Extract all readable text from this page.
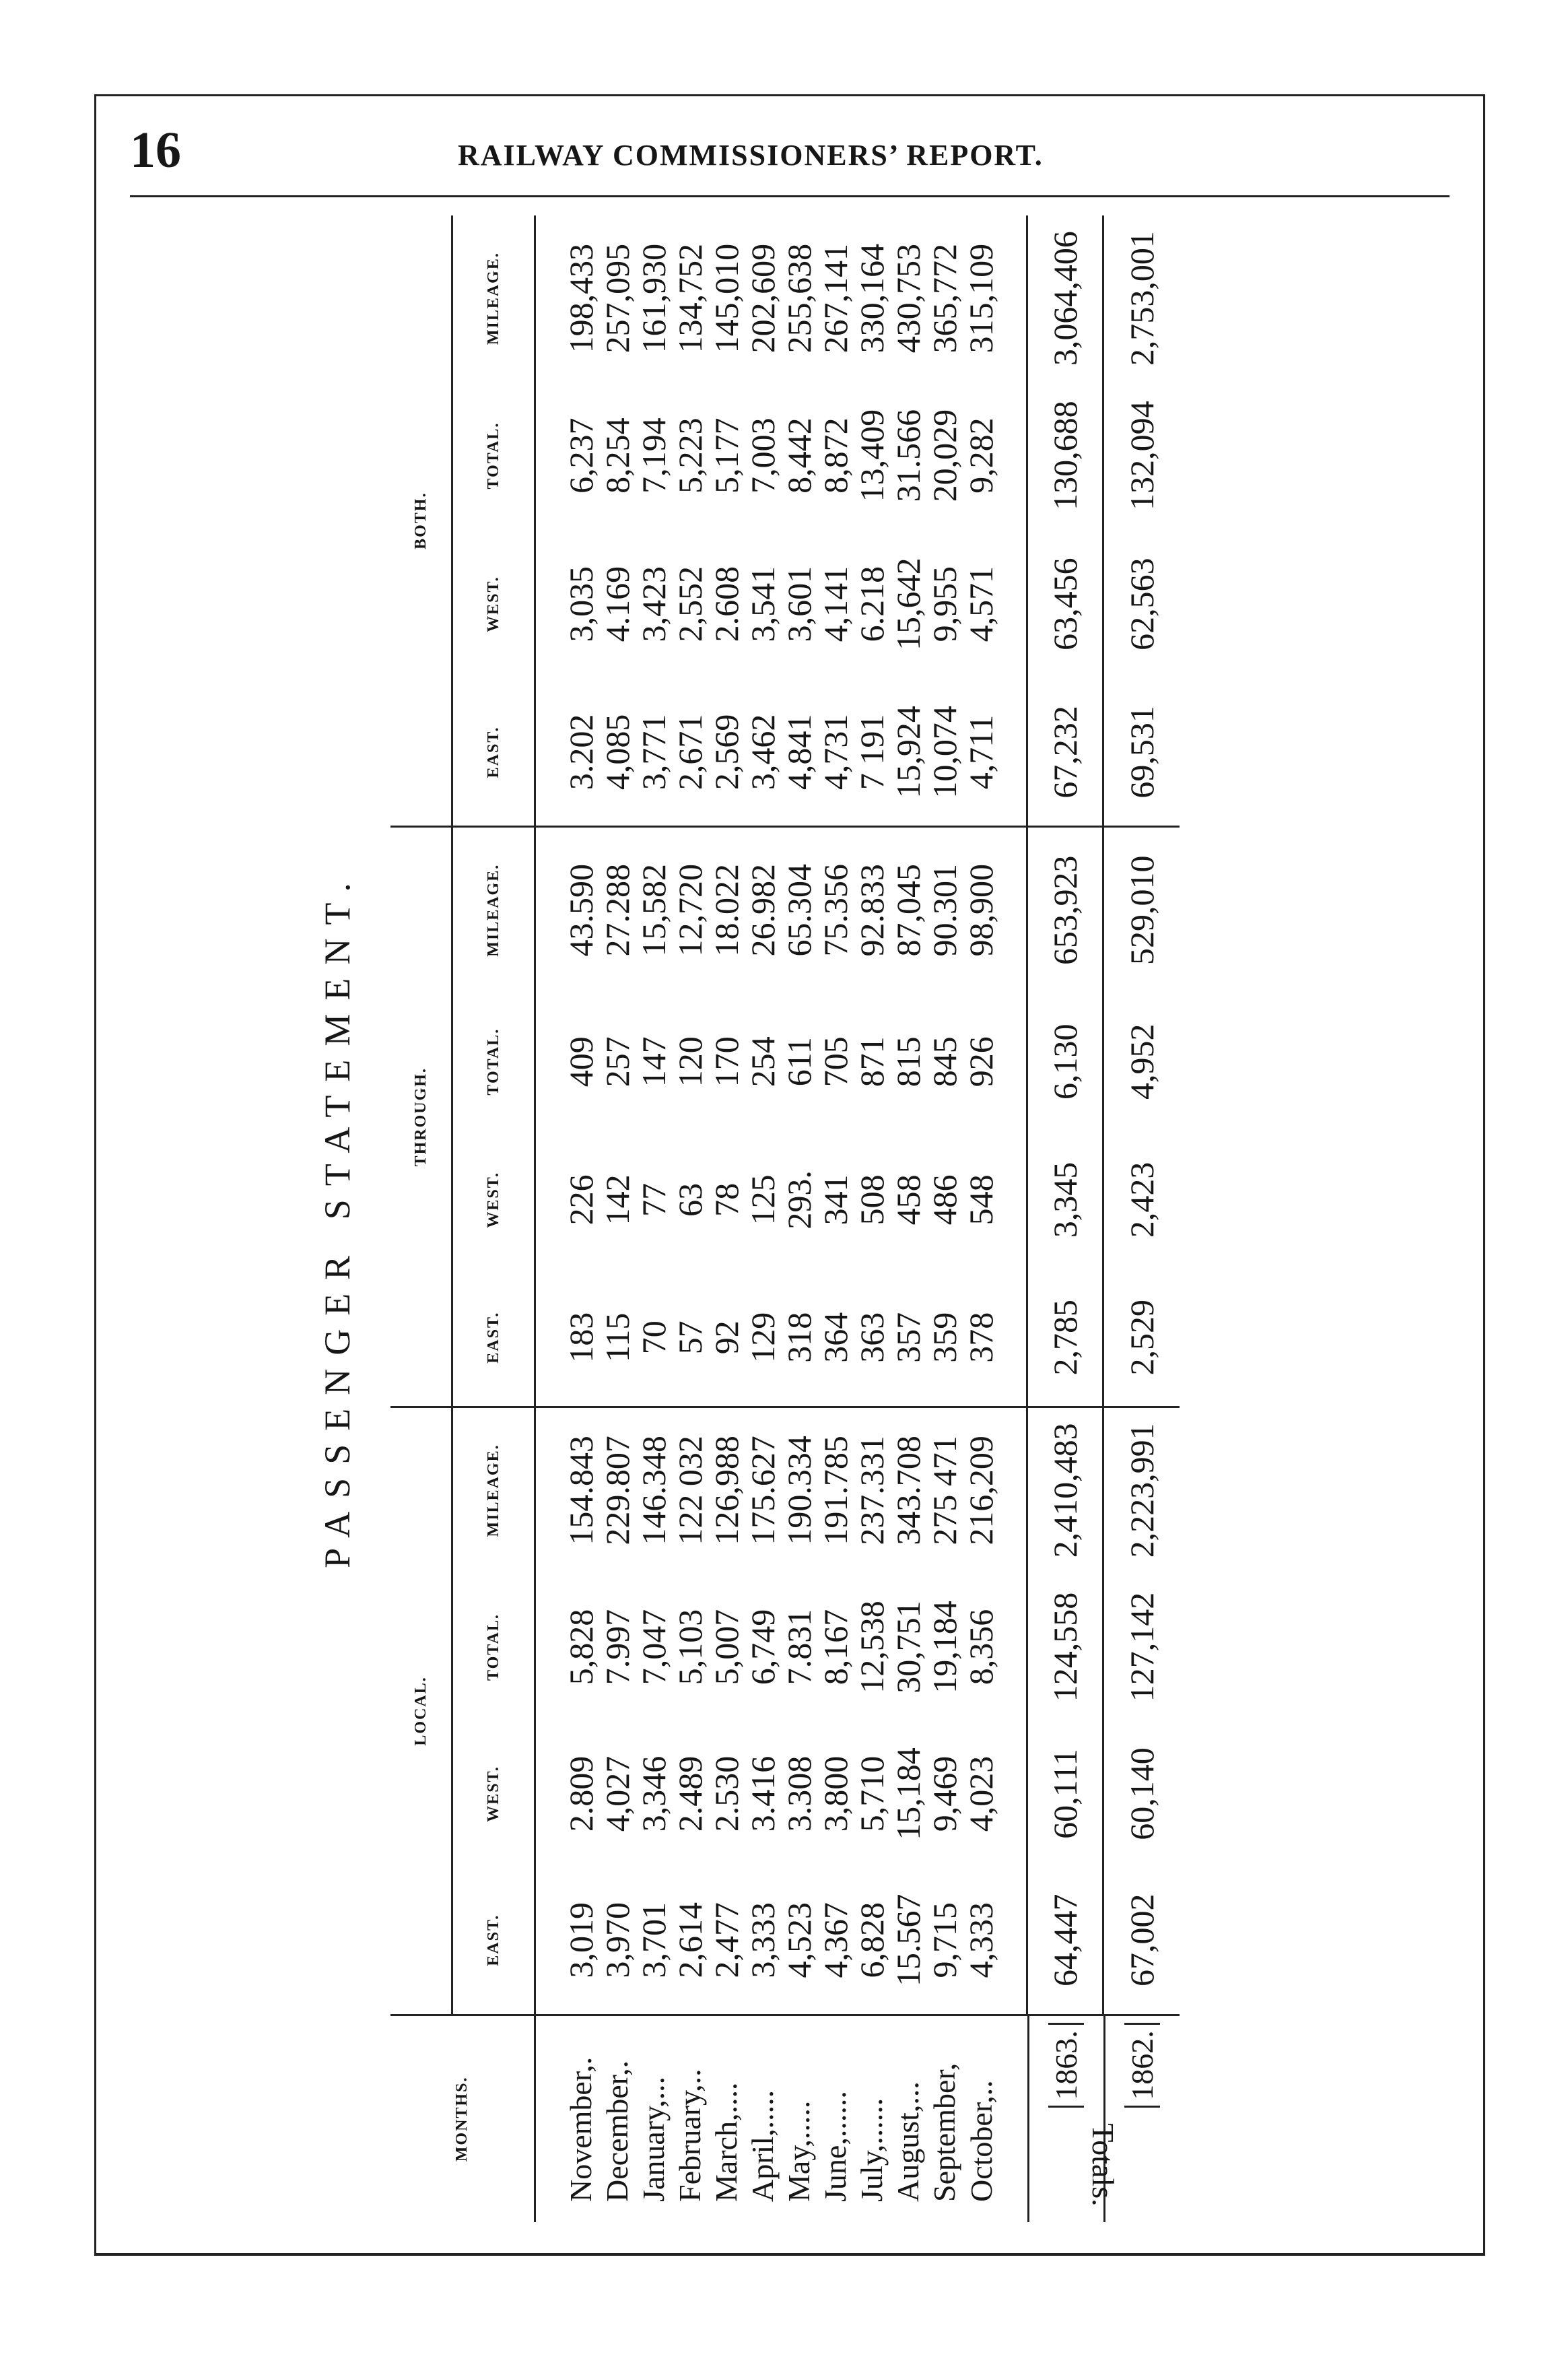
16	RAILWAY COMMISSIONERS’ REPORT.
PASSENGER STATEMENT.
MONTHS.	LOCAL.				THROUGH.				BOTH.			
	EAST.	WEST.	TOTAL.	MILEAGE.	EAST.	WEST.	TOTAL.	MILEAGE.	EAST.	WEST.	TOTAL.	MILEAGE.
November,.	3,019	2.809	5,828	154.843	183	226	409	43.590	3.202	3,035	6,237	198,433
December,.	3,970	4,027	7.997	229.807	115	142	257	27.288	4,085	4.169	8,254	257,095
January,...	3,701	3,346	7,047	146.348	70	77	147	15,582	3,771	3,423	7,194	161,930
February,..	2,614	2.489	5,103	122 032	57	63	120	12,720	2,671	2,552	5,223	134,752
March,....	2,477	2.530	5,007	126,988	92	78	170	18.022	2,569	2.608	5,177	145,010
April,.....	3,333	3.416	6,749	175.627	129	125	254	26.982	3,462	3,541	7,003	202,609
May,.....	4,523	3.308	7.831	190.334	318	293.	611	65.304	4,841	3,601	8,442	255,638
June,......	4,367	3,800	8,167	191.785	364	341	705	75.356	4,731	4,141	8,872	267,141
July,......	6,828	5,710	12,538	237.331	363	508	871	92.833	7 191	6.218	13,409	330,164
August,...	15.567	15,184	30,751	343.708	357	458	815	87,045	15,924	15,642	31.566	430,753
September,	9,715	9,469	19,184	275 471	359	486	845	90.301	10,074	9,955	20,029	365,772
October,..	4,333	4,023	8,356	216,209	378	548	926	98,900	4,711	4,571	9,282	315,109

Totals.
1863.
64,447	60,111	124,558	2,410,483	2,785	3,345	6,130	653,923	67,232	63,456	130,688	3,064,406

1862.
67,002	60,140	127,142	2,223,991	2,529	2,423	4,952	529,010	69,531	62,563	132,094	2,753,001
